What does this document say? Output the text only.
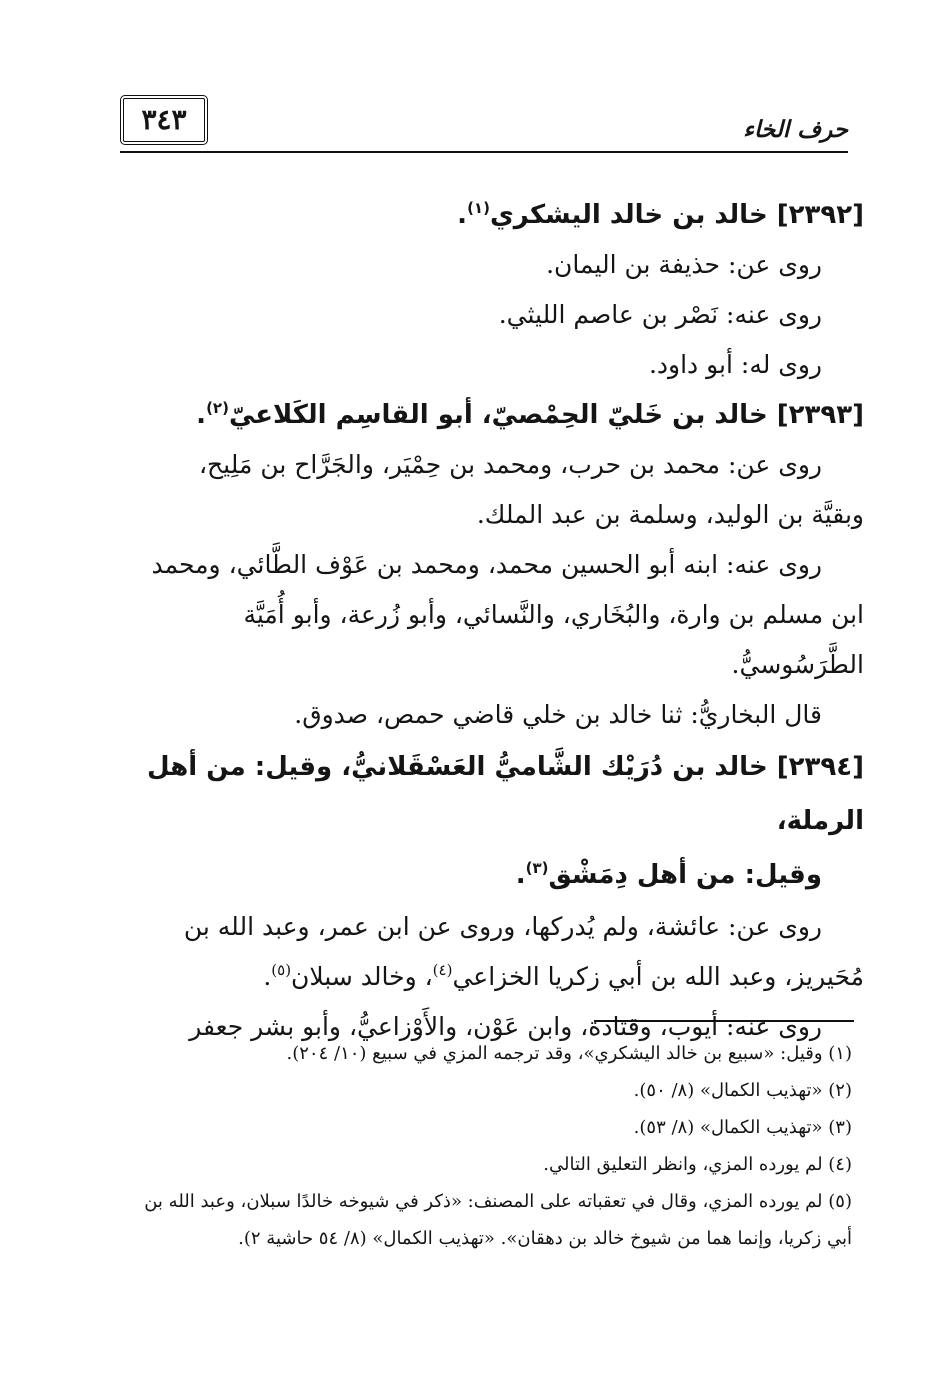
٣٤٣	حرف الخاء

[٢٣٩٢] خالد بن خالد اليشكري$^{(١)}$.

روى عن: حذيفة بن اليمان.

روى عنه: نَصْر بن عاصم الليثي.

روى له: أبو داود.

[٢٣٩٣] خالد بن خَليّ الحِمْصيّ، أبو القاسِم الكَلاعيّ$^{(٢)}$.

روى عن: محمد بن حرب، ومحمد بن حِمْيَر، والجَرَّاح بن مَلِيح،

وبقيَّة بن الوليد، وسلمة بن عبد الملك.

روى عنه: ابنه أبو الحسين محمد، ومحمد بن عَوْف الطَّائي، ومحمد

ابن مسلم بن وارة، والبُخَاري، والنَّسائي، وأبو زُرعة، وأبو أُمَيَّة

الطَّرَسُوسيُّ.

قال البخاريُّ: ثنا خالد بن خلي قاضي حمص، صدوق.

[٢٣٩٤] خالد بن دُرَيْك الشَّاميُّ العَسْقَلانيُّ، وقيل: من أهل الرملة،

وقيل: من أهل دِمَشْق$^{(٣)}$.

روى عن: عائشة، ولم يُدركها، وروى عن ابن عمر، وعبد الله بن

مُحَيريز، وعبد الله بن أبي زكريا الخزاعي$^{(٤)}$، وخالد سبلان$^{(٥)}$.

روى عنه: أيوب، وقتادة، وابن عَوْن، والأَوْزاعيُّ، وأبو بشر جعفر

(١) وقيل: «سبيع بن خالد اليشكري»، وقد ترجمه المزي في سبيع (١٠/ ٢٠٤).

(٢) «تهذيب الكمال» (٨/ ٥٠).

(٣) «تهذيب الكمال» (٨/ ٥٣).

(٤) لم يورده المزي، وانظر التعليق التالي.

(٥) لم يورده المزي، وقال في تعقباته على المصنف: «ذكر في شيوخه خالدًا سبلان، وعبد الله بن

أبي زكريا، وإنما هما من شيوخ خالد بن دهقان». «تهذيب الكمال» (٨/ ٥٤ حاشية ٢).
